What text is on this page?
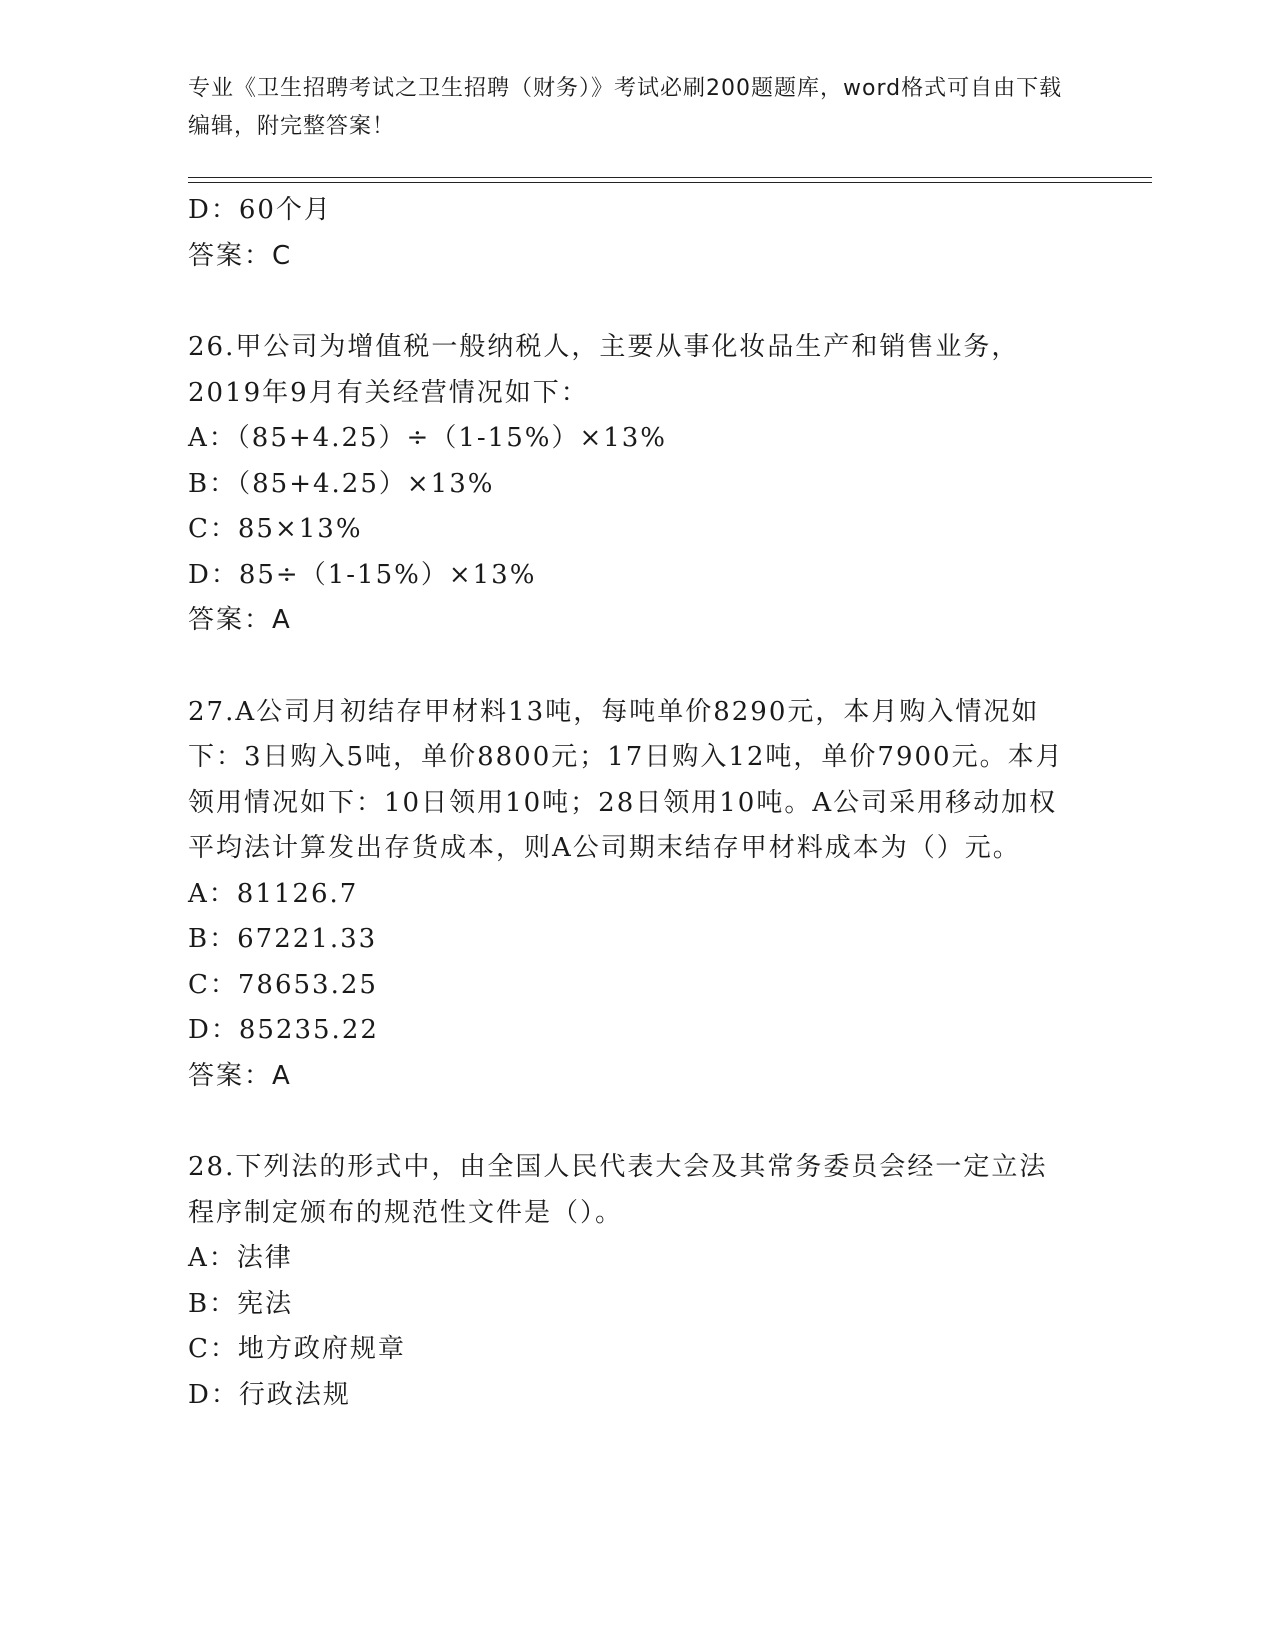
专业《卫生招聘考试之卫生招聘（财务）》考试必刷200题题库，word格式可自由下载编辑，附完整答案！
D：60个月
答案：C
26.甲公司为增值税一般纳税人，主要从事化妆品生产和销售业务，2019年9月有关经营情况如下：
A：（85+4.25）÷（1-15%）×13%
B：（85+4.25）×13%
C：85×13%
D：85÷（1-15%）×13%
答案：A
27.A公司月初结存甲材料13吨，每吨单价8290元，本月购入情况如下：3日购入5吨，单价8800元；17日购入12吨，单价7900元。本月领用情况如下：10日领用10吨；28日领用10吨。A公司采用移动加权平均法计算发出存货成本，则A公司期末结存甲材料成本为（）元。
A：81126.7
B：67221.33
C：78653.25
D：85235.22
答案：A
28.下列法的形式中，由全国人民代表大会及其常务委员会经一定立法程序制定颁布的规范性文件是（）。
A：法律
B：宪法
C：地方政府规章
D：行政法规
